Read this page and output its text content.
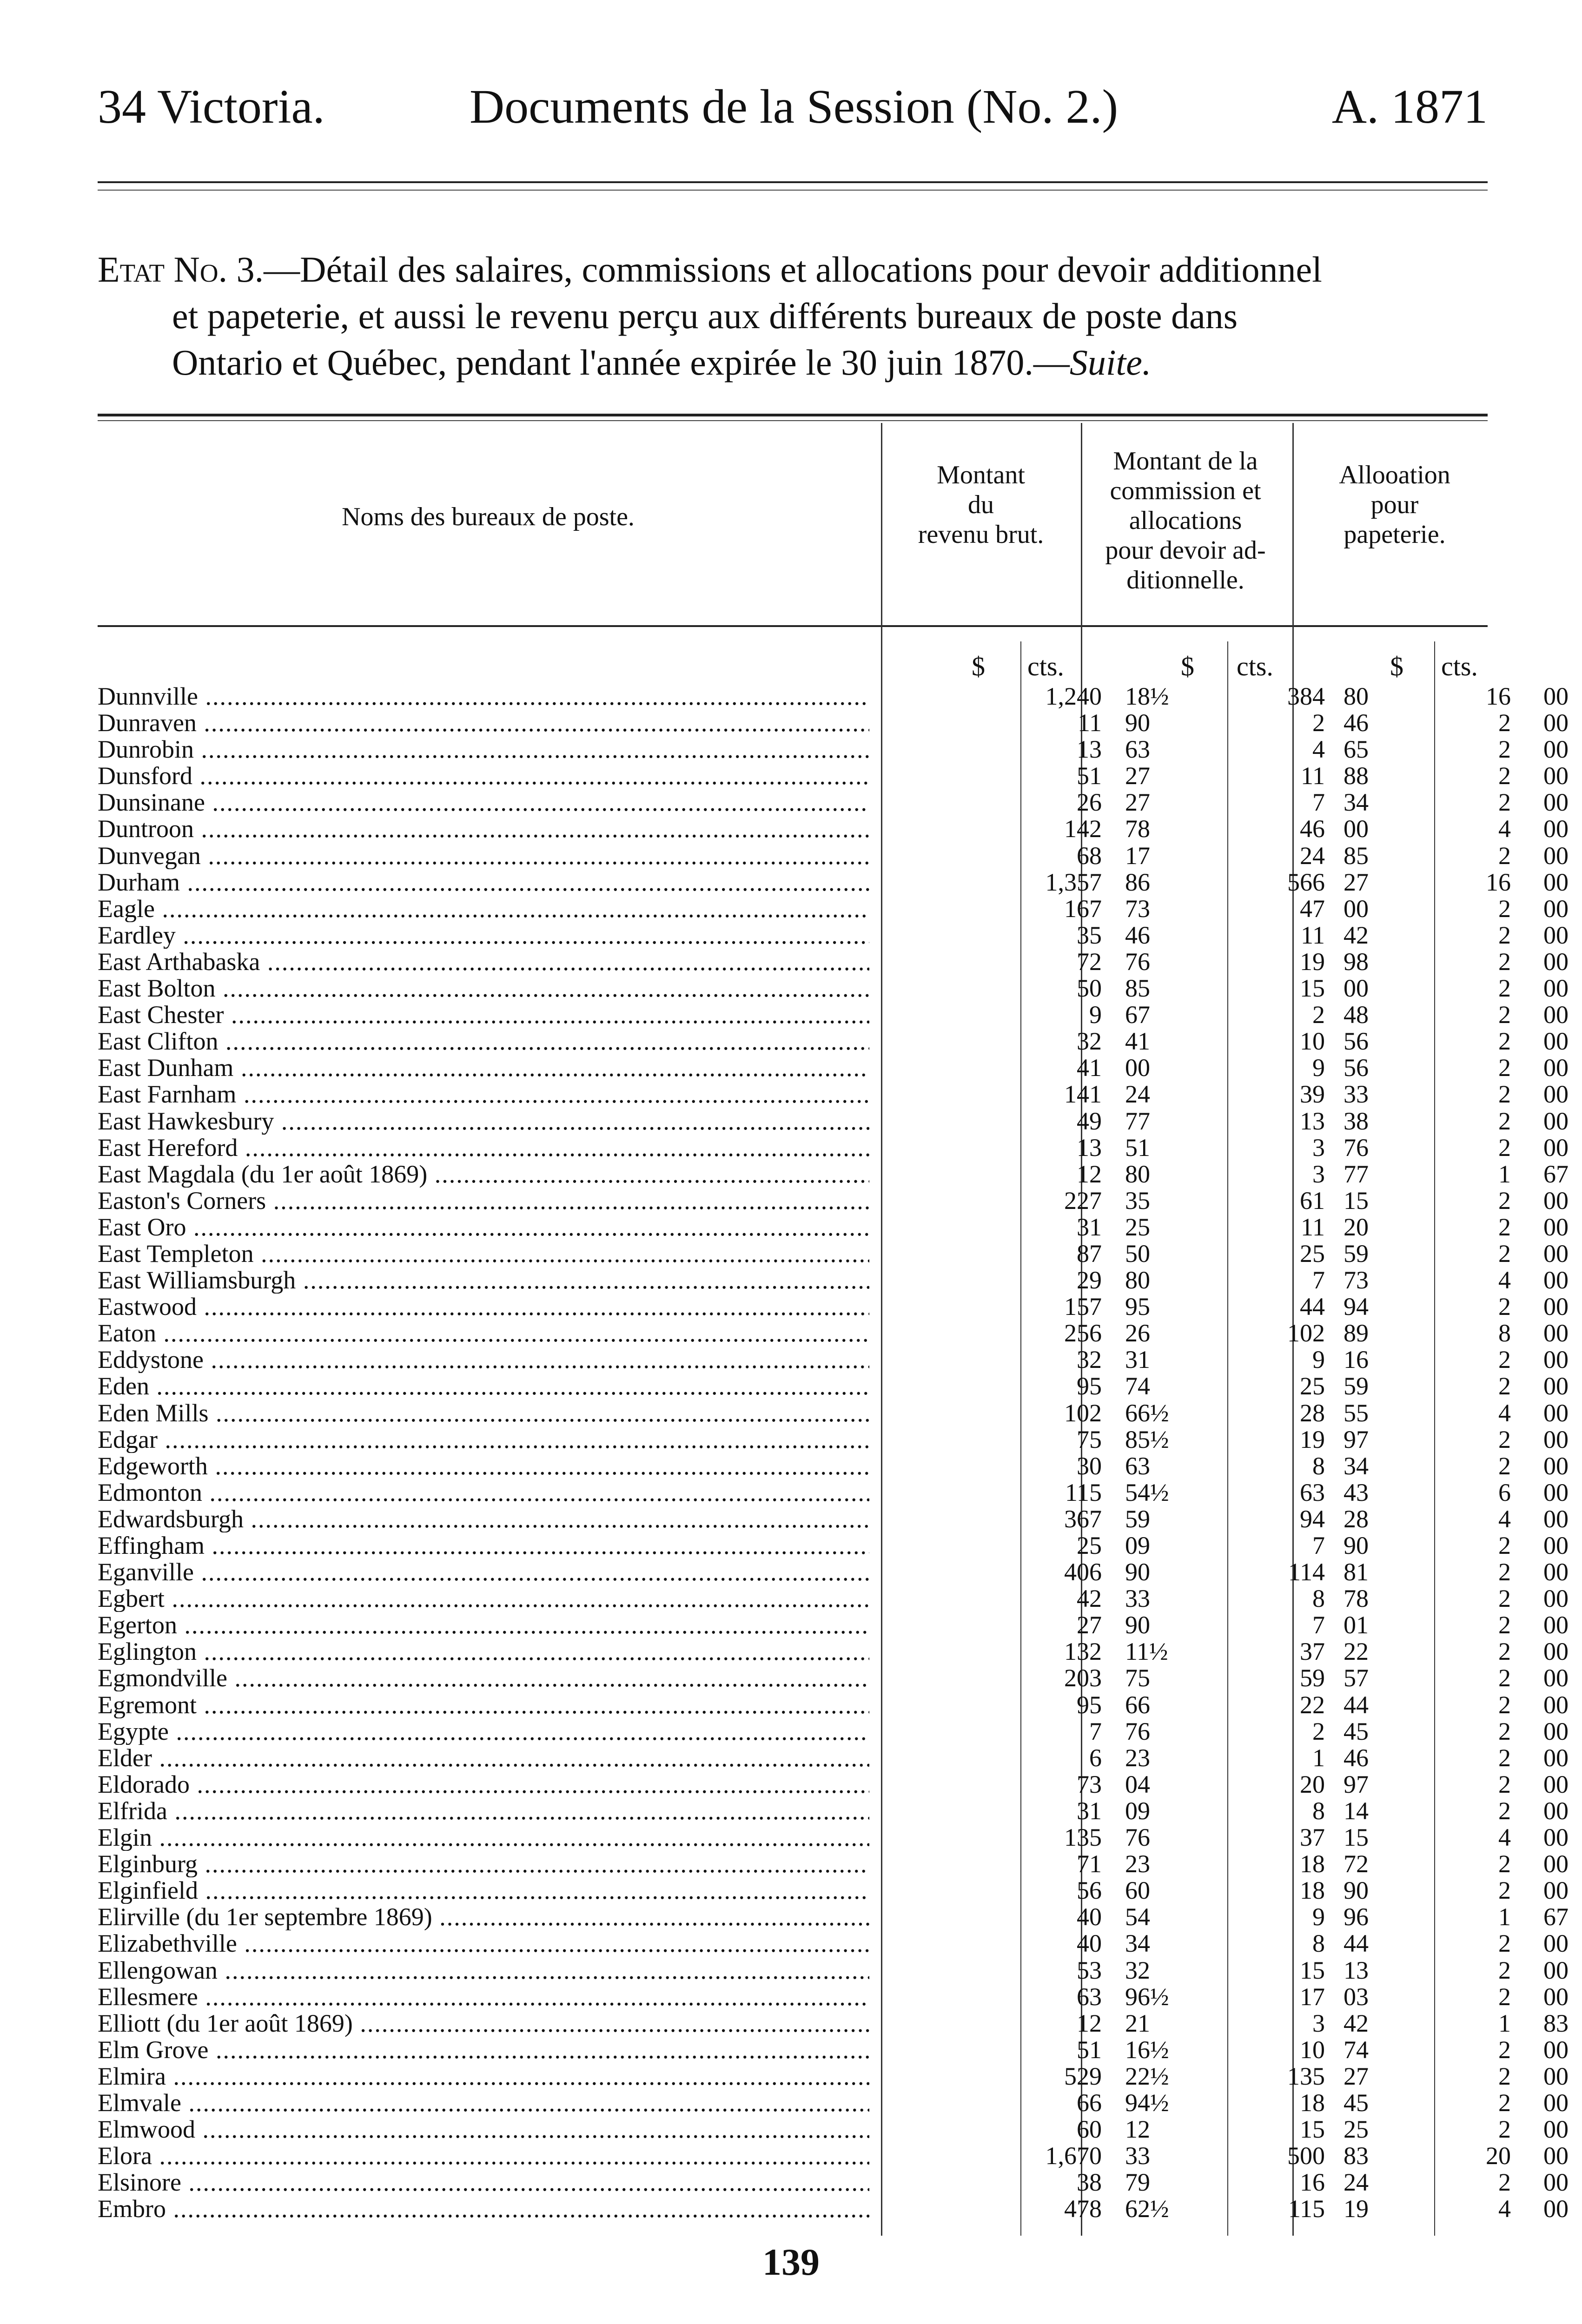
34 Victoria.	Documents de la Session (No. 2.)	A. 1871
Etat No. 3.—Détail des salaires, commissions et allocations pour devoir additionnel
et papeterie, et aussi le revenu perçu aux différents bureaux de poste dans
Ontario et Québec, pendant l'année expirée le 30 juin 1870.—Suite.
Noms des bureaux de poste.
Montant
du
revenu brut.
Montant de la
commission et
allocations
pour devoir ad-
ditionnelle.
Allooation
pour
papeterie.
$ cts.	$ cts.	$ cts.
Dunnville .....	1,240 18½	384 80	16 00
Dunraven .....	11 90	2 46	2 00
Dunrobin .....	13 63	4 65	2 00
Dunsford .....	51 27	11 88	2 00
Dunsinane .....	26 27	7 34	2 00
Duntroon .....	142 78	46 00	4 00
Dunvegan .....	68 17	24 85	2 00
Durham .....	1,357 86	566 27	16 00
Eagle .....	167 73	47 00	2 00
Eardley .....	35 46	11 42	2 00
East Arthabaska .....	72 76	19 98	2 00
East Bolton .....	50 85	15 00	2 00
East Chester .....	9 67	2 48	2 00
East Clifton .....	32 41	10 56	2 00
East Dunham .....	41 00	9 56	2 00
East Farnham .....	141 24	39 33	2 00
East Hawkesbury .....	49 77	13 38	2 00
East Hereford .....	13 51	3 76	2 00
East Magdala (du 1er août 1869) .....	12 80	3 77	1 67
Easton's Corners .....	227 35	61 15	2 00
East Oro .....	31 25	11 20	2 00
East Templeton .....	87 50	25 59	2 00
East Williamsburgh .....	29 80	7 73	4 00
Eastwood .....	157 95	44 94	2 00
Eaton .....	256 26	102 89	8 00
Eddystone .....	32 31	9 16	2 00
Eden .....	95 74	25 59	2 00
Eden Mills .....	102 66½	28 55	4 00
Edgar .....	75 85½	19 97	2 00
Edgeworth .....	30 63	8 34	2 00
Edmonton .....	115 54½	63 43	6 00
Edwardsburgh .....	367 59	94 28	4 00
Effingham .....	25 09	7 90	2 00
Eganville .....	406 90	114 81	2 00
Egbert .....	42 33	8 78	2 00
Egerton .....	27 90	7 01	2 00
Eglington .....	132 11½	37 22	2 00
Egmondville .....	203 75	59 57	2 00
Egremont .....	95 66	22 44	2 00
Egypte .....	7 76	2 45	2 00
Elder .....	6 23	1 46	2 00
Eldorado .....	73 04	20 97	2 00
Elfrida .....	31 09	8 14	2 00
Elgin .....	135 76	37 15	4 00
Elginburg .....	71 23	18 72	2 00
Elginfield .....	56 60	18 90	2 00
Elirville (du 1er septembre 1869) .....	40 54	9 96	1 67
Elizabethville .....	40 34	8 44	2 00
Ellengowan .....	53 32	15 13	2 00
Ellesmere .....	63 96½	17 03	2 00
Elliott (du 1er août 1869) .....	12 21	3 42	1 83
Elm Grove .....	51 16½	10 74	2 00
Elmira .....	529 22½	135 27	2 00
Elmvale .....	66 94½	18 45	2 00
Elmwood .....	60 12	15 25	2 00
Elora .....	1,670 33	500 83	20 00
Elsinore .....	38 79	16 24	2 00
Embro .....	478 62½	115 19	4 00
139
